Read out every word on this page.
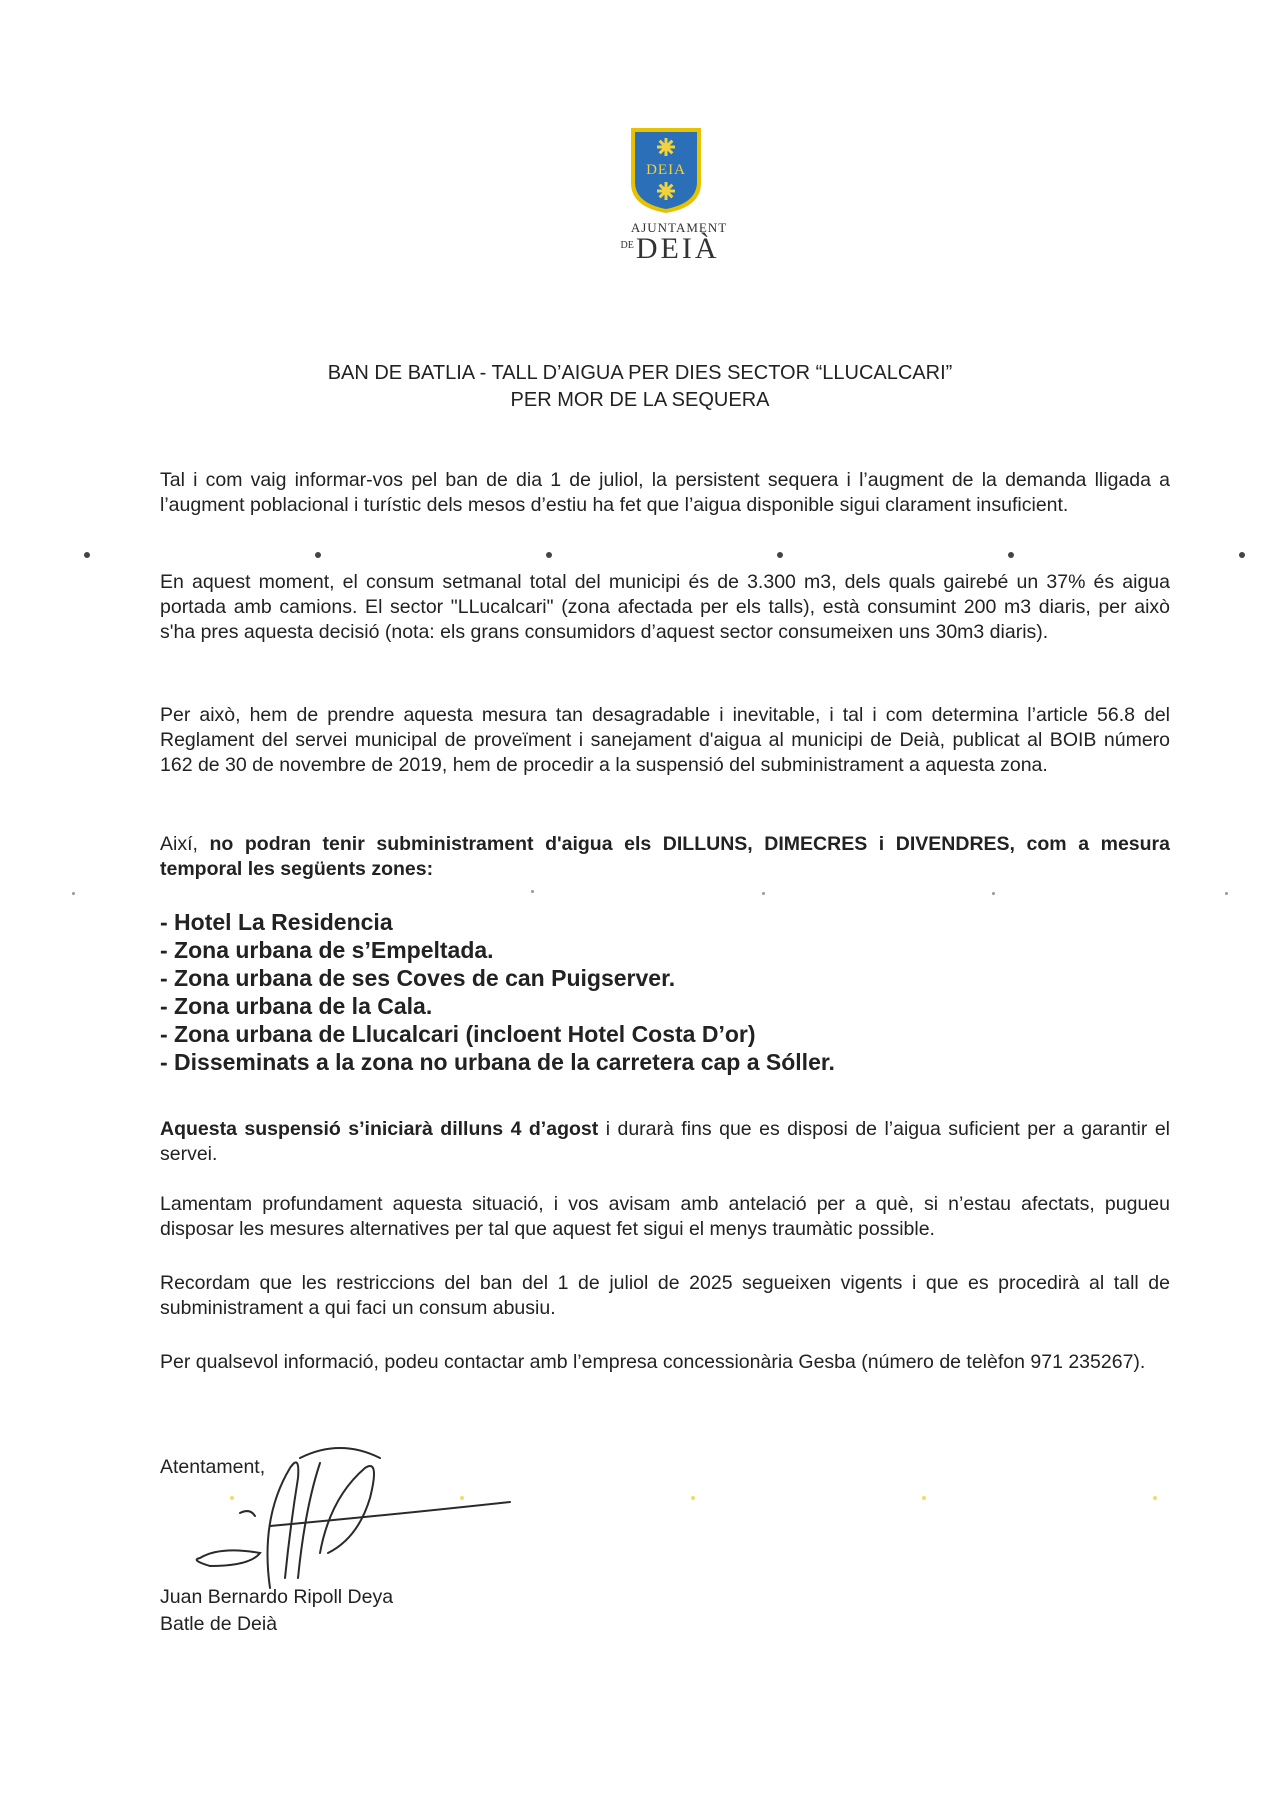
DEIA
AJUNTAMENT
DE DEIÀ
BAN DE BATLIA - TALL D’AIGUA PER DIES SECTOR “LLUCALCARI”
PER MOR DE LA SEQUERA
Tal i com vaig informar-vos pel ban de dia 1 de juliol, la persistent sequera i l’augment de la demanda lligada a l’augment poblacional i turístic dels mesos d’estiu ha fet que l’aigua disponible sigui clarament insuficient.
En aquest moment, el consum setmanal total del municipi és de 3.300 m3, dels quals gairebé un 37% és aigua portada amb camions. El sector "LLucalcari" (zona afectada per els talls), està consumint 200 m3 diaris, per això s'ha pres aquesta decisió (nota: els grans consumidors d’aquest sector consumeixen uns 30m3 diaris).
Per això, hem de prendre aquesta mesura tan desagradable i inevitable, i tal i com determina l’article 56.8 del Reglament del servei municipal de proveïment i sanejament d'aigua al municipi de Deià, publicat al BOIB número 162 de 30 de novembre de 2019, hem de procedir a la suspensió del subministrament a aquesta zona.
Així, no podran tenir subministrament d'aigua els DILLUNS, DIMECRES i DIVENDRES, com a mesura temporal les següents zones:
- Hotel La Residencia
- Zona urbana de s’Empeltada.
- Zona urbana de ses Coves de can Puigserver.
- Zona urbana de la Cala.
- Zona urbana de Llucalcari (incloent Hotel Costa D’or)
- Disseminats a la zona no urbana de la carretera cap a Sóller.
Aquesta suspensió s’iniciarà dilluns 4 d’agost i durarà fins que es disposi de l’aigua suficient per a garantir el servei.
Lamentam profundament aquesta situació, i vos avisam amb antelació per a què, si n’estau afectats, pugueu disposar les mesures alternatives per tal que aquest fet sigui el menys traumàtic possible.
Recordam que les restriccions del ban del 1 de juliol de 2025 segueixen vigents i que es procedirà al tall de subministrament a qui faci un consum abusiu.
Per qualsevol informació, podeu contactar amb l’empresa concessionària Gesba (número de telèfon 971 235267).
Atentament,
Juan Bernardo Ripoll Deya
Batle de Deià
